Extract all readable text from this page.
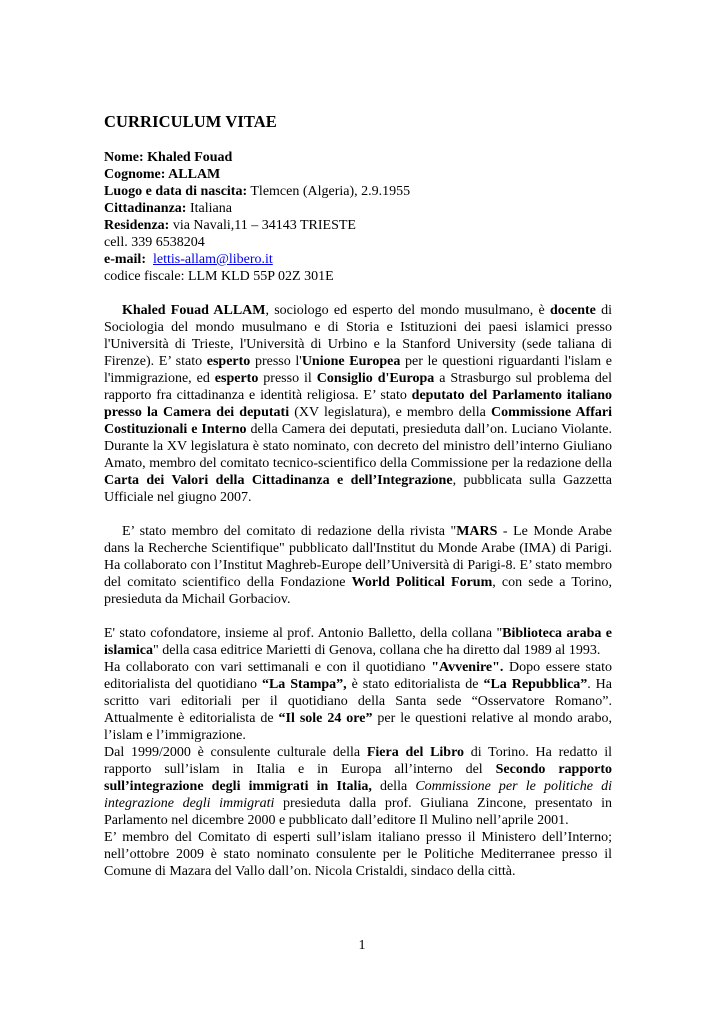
CURRICULUM VITAE
Nome: Khaled Fouad
Cognome: ALLAM
Luogo e data di nascita: Tlemcen (Algeria), 2.9.1955
Cittadinanza: Italiana
Residenza: via Navali,11 – 34143 TRIESTE
cell. 339 6538204
e-mail: lettis-allam@libero.it
codice fiscale: LLM KLD 55P 02Z 301E

Khaled Fouad ALLAM, sociologo ed esperto del mondo musulmano, è docente di Sociologia del mondo musulmano e di Storia e Istituzioni dei paesi islamici presso l'Università di Trieste, l'Università di Urbino e la Stanford University (sede taliana di Firenze). E’ stato esperto presso l'Unione Europea per le questioni riguardanti l'islam e l'immigrazione, ed esperto presso il Consiglio d'Europa a Strasburgo sul problema del rapporto fra cittadinanza e identità religiosa. E’ stato deputato del Parlamento italiano presso la Camera dei deputati (XV legislatura), e membro della Commissione Affari Costituzionali e Interno della Camera dei deputati, presieduta dall’on. Luciano Violante. Durante la XV legislatura è stato nominato, con decreto del ministro dell’interno Giuliano Amato, membro del comitato tecnico-scientifico della Commissione per la redazione della Carta dei Valori della Cittadinanza e dell’Integrazione, pubblicata sulla Gazzetta Ufficiale nel giugno 2007.

E’ stato membro del comitato di redazione della rivista "MARS - Le Monde Arabe dans la Recherche Scientifique" pubblicato dall'Institut du Monde Arabe (IMA) di Parigi. Ha collaborato con l’Institut Maghreb-Europe dell’Università di Parigi-8. E’ stato membro del comitato scientifico della Fondazione World Political Forum, con sede a Torino, presieduta da Michail Gorbaciov.

E' stato cofondatore, insieme al prof. Antonio Balletto, della collana "Biblioteca araba e islamica" della casa editrice Marietti di Genova, collana che ha diretto dal 1989 al 1993.

Ha collaborato con vari settimanali e con il quotidiano "Avvenire". Dopo essere stato editorialista del quotidiano “La Stampa”, è stato editorialista de “La Repubblica”. Ha scritto vari editoriali per il quotidiano della Santa sede “Osservatore Romano”. Attualmente è editorialista de “Il sole 24 ore” per le questioni relative al mondo arabo, l’islam e l’immigrazione.

Dal 1999/2000 è consulente culturale della Fiera del Libro di Torino. Ha redatto il rapporto sull’islam in Italia e in Europa all’interno del Secondo rapporto sull’integrazione degli immigrati in Italia, della Commissione per le politiche di integrazione degli immigrati presieduta dalla prof. Giuliana Zincone, presentato in Parlamento nel dicembre 2000 e pubblicato dall’editore Il Mulino nell’aprile 2001.

E’ membro del Comitato di esperti sull’islam italiano presso il Ministero dell’Interno; nell’ottobre 2009 è stato nominato consulente per le Politiche Mediterranee presso il Comune di Mazara del Vallo dall’on. Nicola Cristaldi, sindaco della città.

1
